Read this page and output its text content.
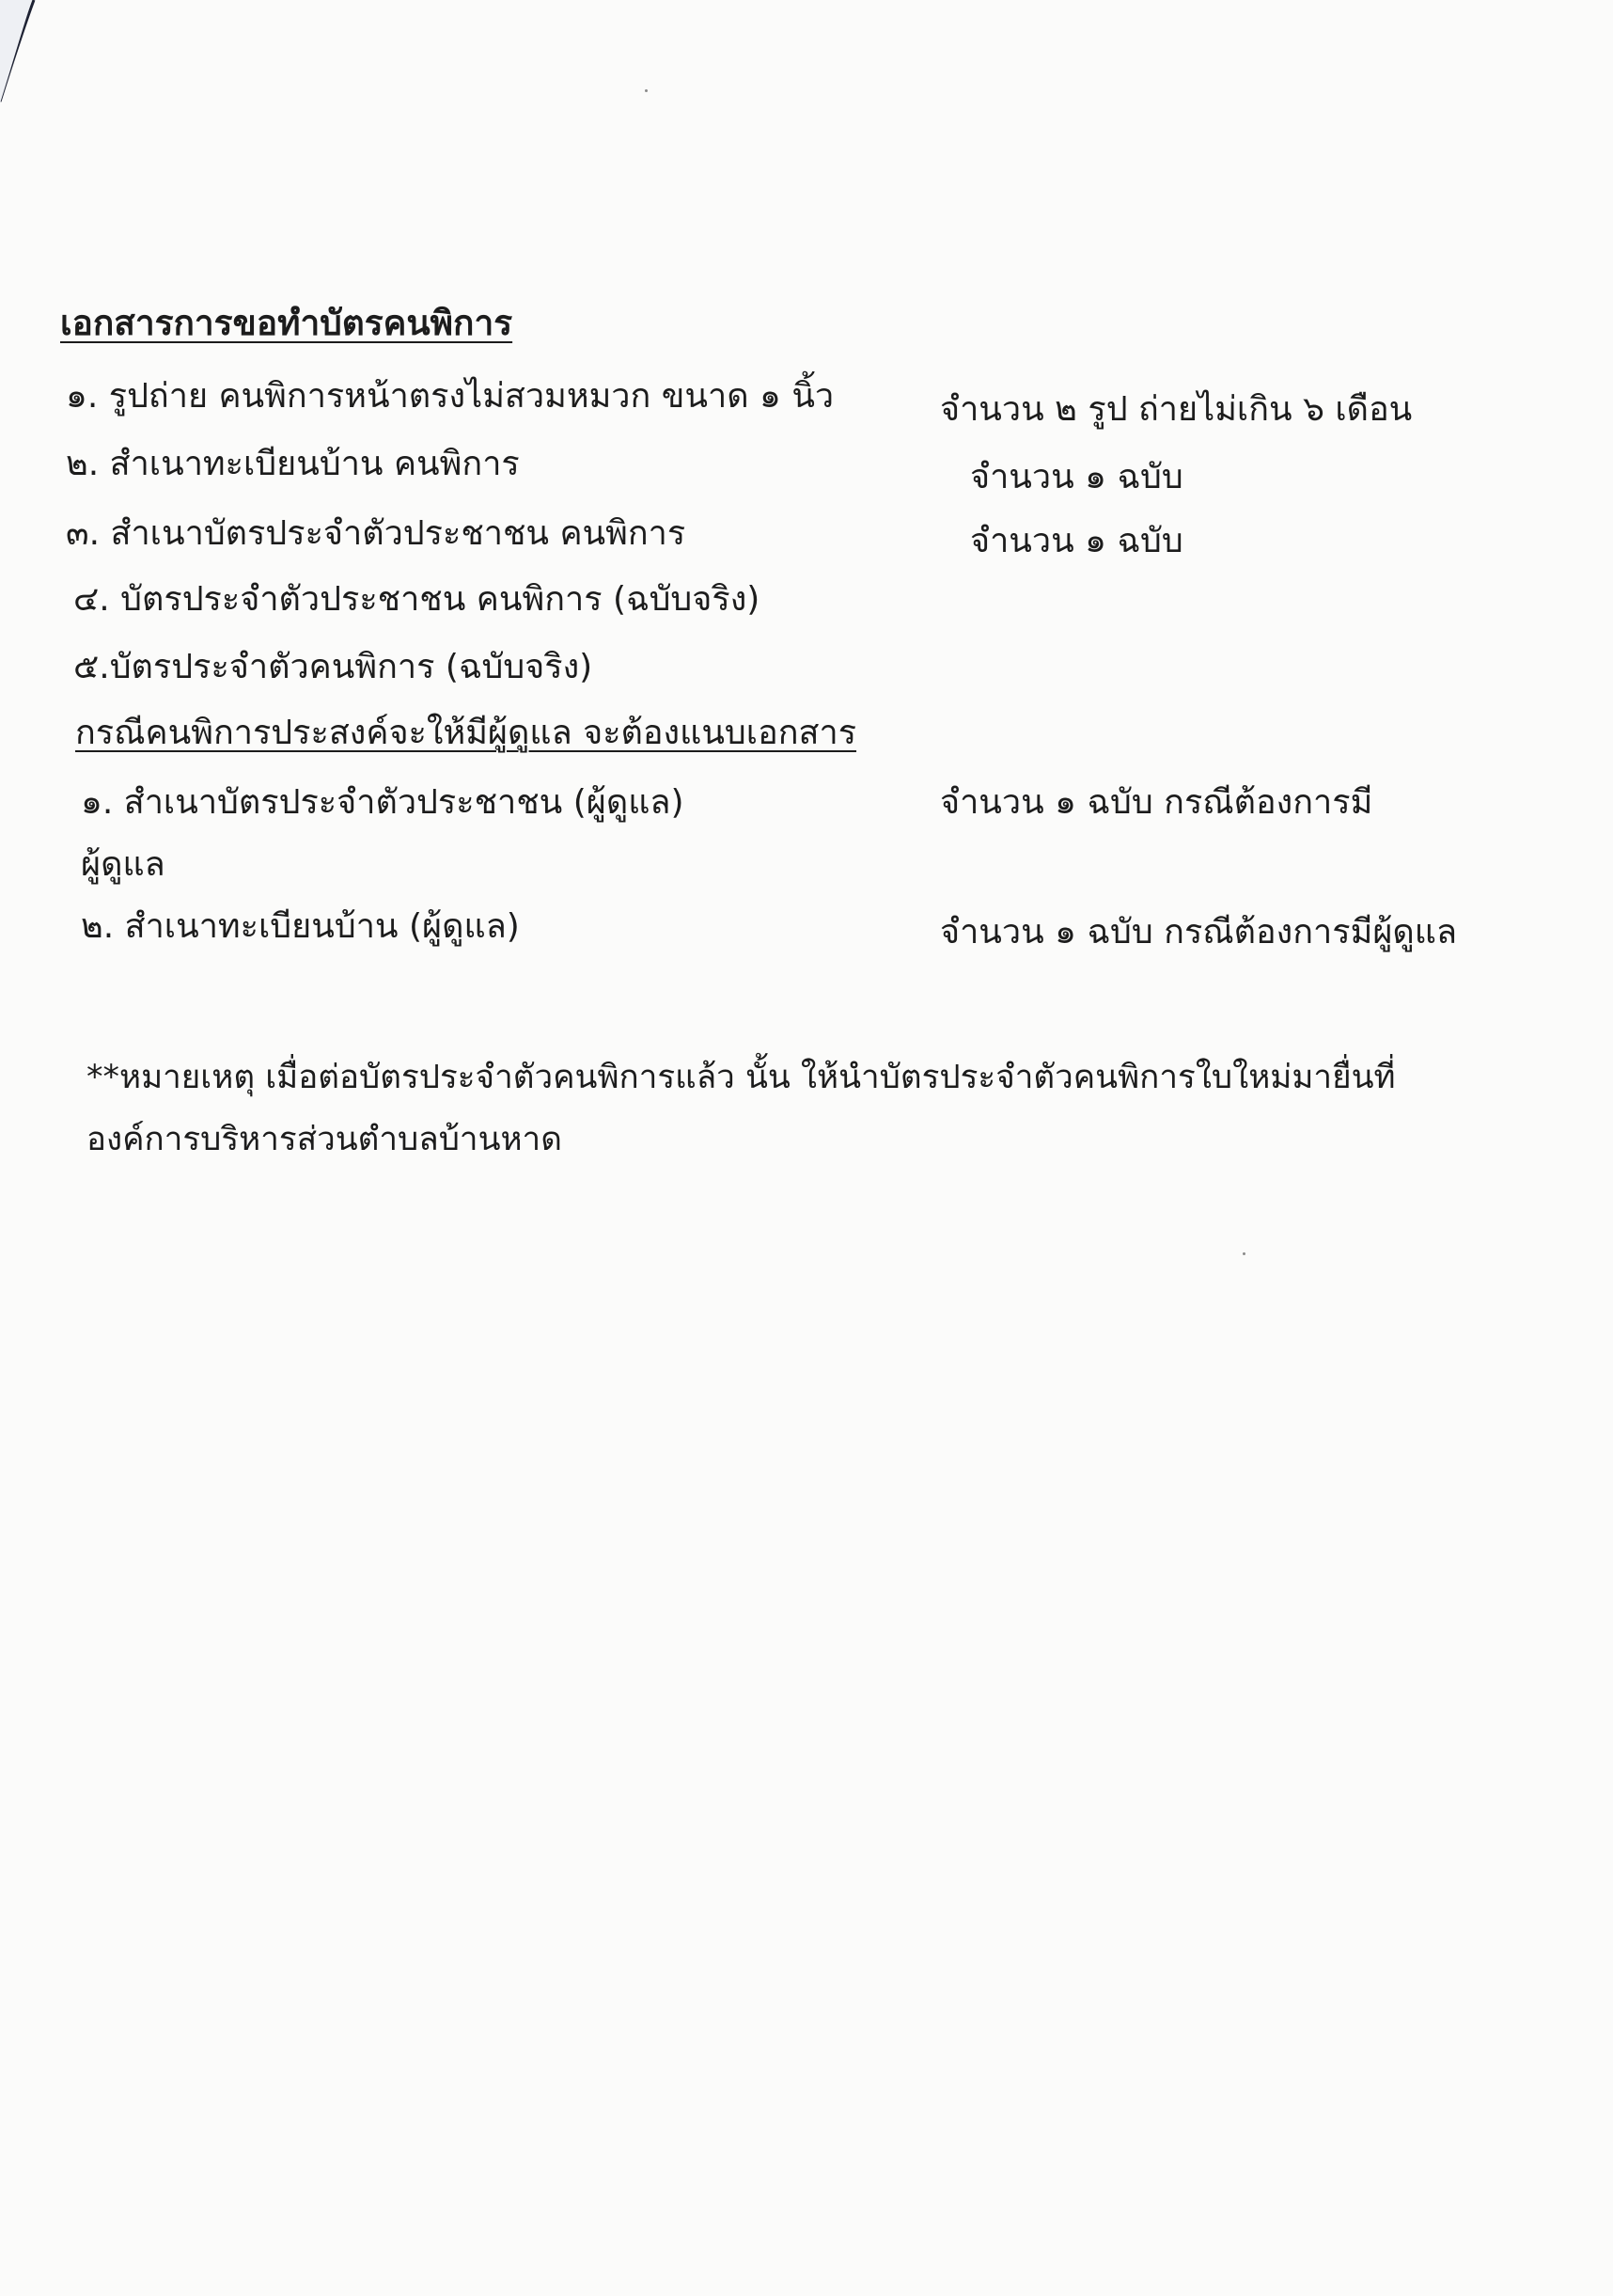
เอกสารการขอทำบัตรคนพิการ
๑. รูปถ่าย คนพิการหน้าตรงไม่สวมหมวก ขนาด ๑ นิ้ว	จำนวน ๒ รูป ถ่ายไม่เกิน ๖ เดือน
๒. สำเนาทะเบียนบ้าน คนพิการ	จำนวน ๑ ฉบับ
๓. สำเนาบัตรประจำตัวประชาชน คนพิการ	จำนวน ๑ ฉบับ
๔. บัตรประจำตัวประชาชน คนพิการ (ฉบับจริง)
๕.บัตรประจำตัวคนพิการ (ฉบับจริง)
กรณีคนพิการประสงค์จะให้มีผู้ดูแล จะต้องแนบเอกสาร
๑. สำเนาบัตรประจำตัวประชาชน (ผู้ดูแล)	จำนวน ๑ ฉบับ กรณีต้องการมี
ผู้ดูแล
๒. สำเนาทะเบียนบ้าน (ผู้ดูแล)	จำนวน ๑ ฉบับ กรณีต้องการมีผู้ดูแล
**หมายเหตุ เมื่อต่อบัตรประจำตัวคนพิการแล้ว นั้น ให้นำบัตรประจำตัวคนพิการใบใหม่มายื่นที่
องค์การบริหารส่วนตำบลบ้านหาด
